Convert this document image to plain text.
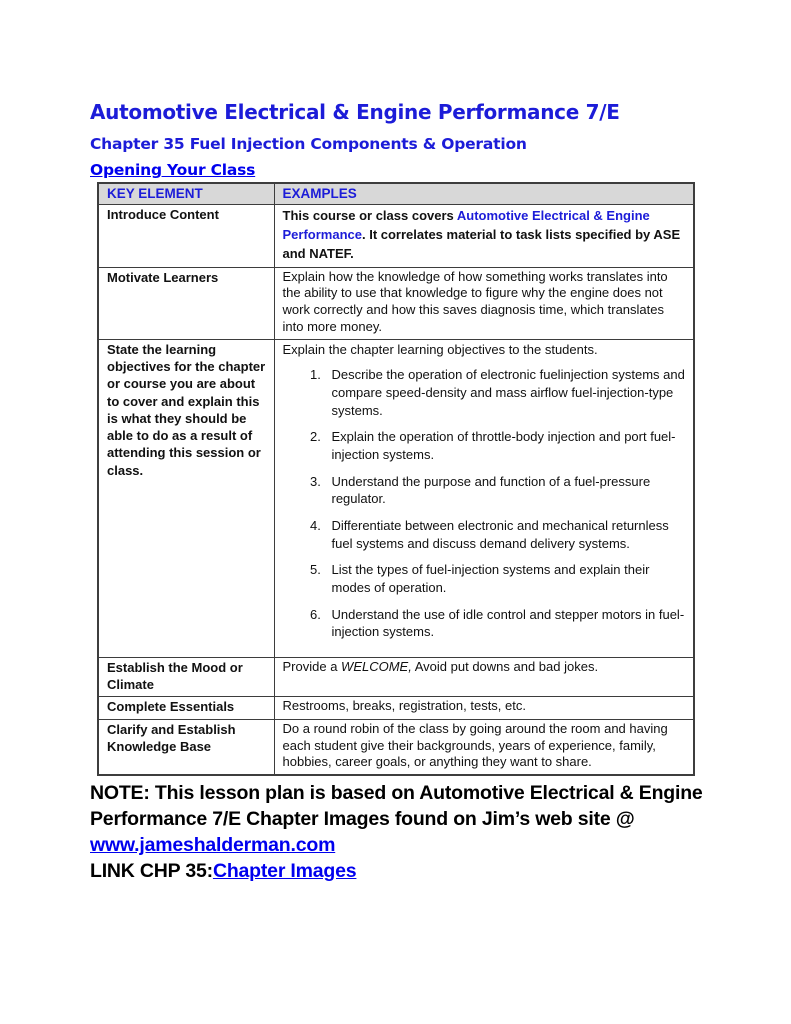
Automotive Electrical & Engine Performance 7/E
Chapter 35 Fuel Injection Components & Operation
Opening Your Class
KEY ELEMENT	EXAMPLES
Introduce Content	This course or class covers Automotive Electrical & Engine Performance. It correlates material to task lists specified by ASE and NATEF.
Motivate Learners	Explain how the knowledge of how something works translates into the ability to use that knowledge to figure why the engine does not work correctly and how this saves diagnosis time, which translates into more money.
State the learning objectives for the chapter or course you are about to cover and explain this is what they should be able to do as a result of attending this session or class.	Explain the chapter learning objectives to the students.
1. Describe the operation of electronic fuelinjection systems and compare speed-density and mass airflow fuel-injection-type systems.
2. Explain the operation of throttle-body injection and port fuel-injection systems.
3. Understand the purpose and function of a fuel-pressure regulator.
4. Differentiate between electronic and mechanical returnless fuel systems and discuss demand delivery systems.
5. List the types of fuel-injection systems and explain their modes of operation.
6. Understand the use of idle control and stepper motors in fuel-injection systems.

Establish the Mood or Climate	Provide a WELCOME, Avoid put downs and bad jokes.
Complete Essentials	Restrooms, breaks, registration, tests, etc.
Clarify and Establish Knowledge Base	Do a round robin of the class by going around the room and having each student give their backgrounds, years of experience, family, hobbies, career goals, or anything they want to share.

NOTE: This lesson plan is based on Automotive Electrical & Engine Performance 7/E Chapter Images found on Jim’s web site @ www.jameshalderman.com

LINK CHP 35:Chapter Images
